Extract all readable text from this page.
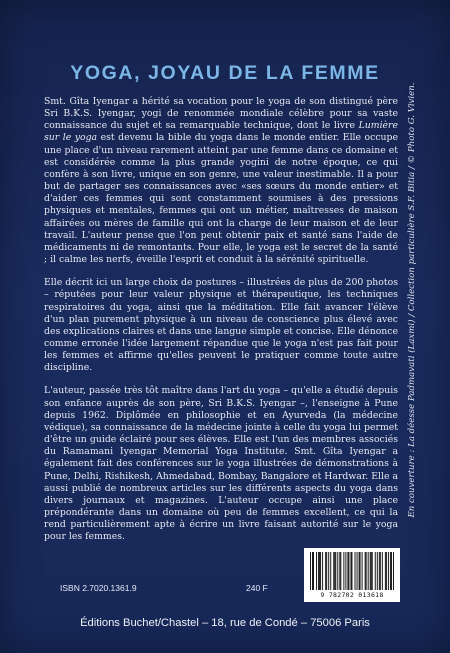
YOGA, JOYAU DE LA FEMME

Smt. Gîta Iyengar a hérité sa vocation pour le yoga de son distingué père Sri B.K.S. Iyengar, yogi de renommée mondiale célèbre pour sa vaste connaissance du sujet et sa remarquable technique, dont le livre Lumière sur le yoga est devenu la bible du yoga dans le monde entier. Elle occupe une place d'un niveau rarement atteint par une femme dans ce domaine et est considérée comme la plus grande yogini de notre époque, ce qui confère à son livre, unique en son genre, une valeur inestimable. Il a pour but de partager ses connaissances avec «ses sœurs du monde entier» et d'aider ces femmes qui sont constamment soumises à des pressions physiques et mentales, femmes qui ont un métier, maîtresses de maison affairées ou mères de famille qui ont la charge de leur maison et de leur travail. L'auteur pense que l'on peut obtenir paix et santé sans l'aide de médicaments ni de remontants. Pour elle, le yoga est le secret de la santé ; il calme les nerfs, éveille l'esprit et conduit à la sérénité spirituelle.

Elle décrit ici un large choix de postures – illustrées de plus de 200 photos – réputées pour leur valeur physique et thérapeutique, les techniques respiratoires du yoga, ainsi que la méditation. Elle fait avancer l'élève d'un plan purement physique à un niveau de conscience plus élevé avec des explications claires et dans une langue simple et concise. Elle dénonce comme erronée l'idée largement répandue que le yoga n'est pas fait pour les femmes et affirme qu'elles peuvent le pratiquer comme toute autre discipline.

L'auteur, passée très tôt maître dans l'art du yoga – qu'elle a étudié depuis son enfance auprès de son père, Sri B.K.S. Iyengar –, l'enseigne à Pune depuis 1962. Diplômée en philosophie et en Ayurveda (la médecine védique), sa connaissance de la médecine jointe à celle du yoga lui permet d'être un guide éclairé pour ses élèves. Elle est l'un des membres associés du Ramamani Iyengar Memorial Yoga Institute. Smt. Gîta Iyengar a également fait des conférences sur le yoga illustrées de démonstrations à Pune, Delhi, Rishikesh, Ahmedabad, Bombay, Bangalore et Hardwar. Elle a aussi publié de nombreux articles sur les différents aspects du yoga dans divers journaux et magazines. L'auteur occupe ainsi une place prépondérante dans un domaine où peu de femmes excellent, ce qui la rend particulièrement apte à écrire un livre faisant autorité sur le yoga pour les femmes.

En couverture : La déesse Padmavati (Laxmi) / Collection particulière S.F. Bitia / © Photo G. Vivien.
ISBN 2.7020.1361.9	240 F
9 782702 013618
Éditions Buchet/Chastel – 18, rue de Condé – 75006 Paris
